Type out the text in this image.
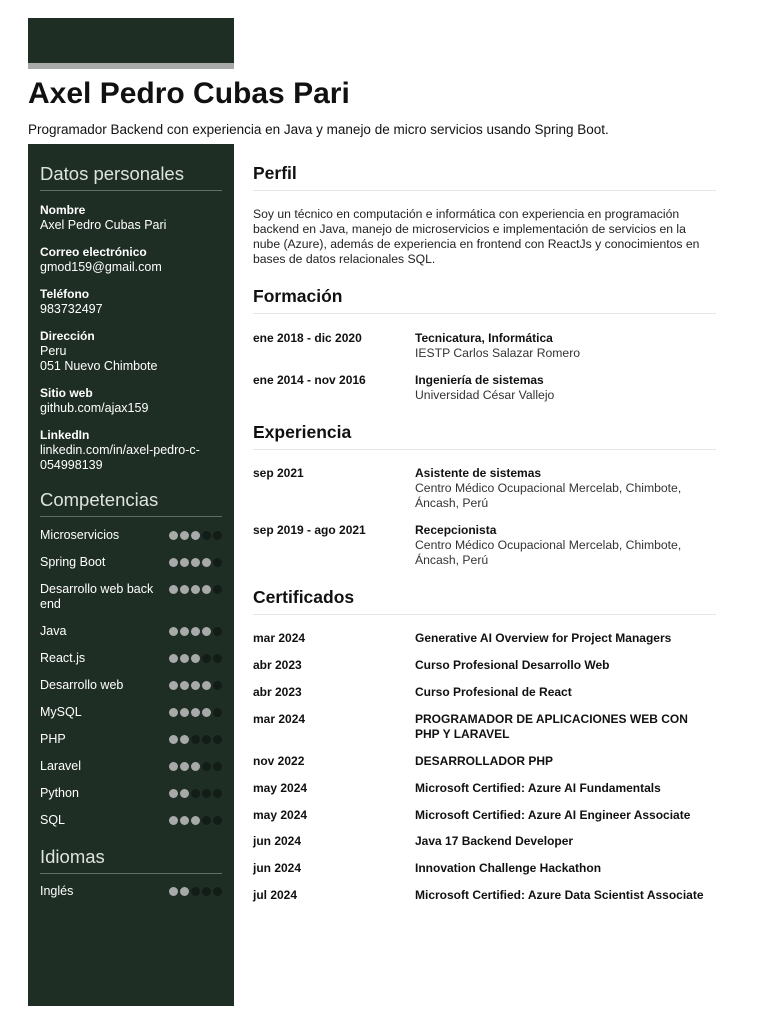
Axel Pedro Cubas Pari
Programador Backend con experiencia en Java y manejo de micro servicios usando Spring Boot.
Datos personales
Nombre
Axel Pedro Cubas Pari
Correo electrónico
gmod159@gmail.com
Teléfono
983732497
Dirección
Peru
051 Nuevo Chimbote
Sitio web
github.com/ajax159
LinkedIn
linkedin.com/in/axel-pedro-c-
054998139
Competencias
Microservicios
Spring Boot
Desarrollo web back end
Java
React.js
Desarrollo web
MySQL
PHP
Laravel
Python
SQL
Idiomas
Inglés
Perfil
Soy un técnico en computación e informática con experiencia en programación backend en Java, manejo de microservicios e implementación de servicios en la nube (Azure), además de experiencia en frontend con ReactJs y conocimientos en bases de datos relacionales SQL.
Formación
ene 2018 - dic 2020	Tecnicatura, Informática
IESTP Carlos Salazar Romero
ene 2014 - nov 2016	Ingeniería de sistemas
Universidad César Vallejo
Experiencia
sep 2021	Asistente de sistemas
Centro Médico Ocupacional Mercelab, Chimbote, Áncash, Perú
sep 2019 - ago 2021	Recepcionista
Centro Médico Ocupacional Mercelab, Chimbote, Áncash, Perú
Certificados
mar 2024	Generative AI Overview for Project Managers
abr 2023	Curso Profesional Desarrollo Web
abr 2023	Curso Profesional de React
mar 2024	PROGRAMADOR DE APLICACIONES WEB CON PHP Y LARAVEL
nov 2022	DESARROLLADOR PHP
may 2024	Microsoft Certified: Azure AI Fundamentals
may 2024	Microsoft Certified: Azure AI Engineer Associate
jun 2024	Java 17 Backend Developer
jun 2024	Innovation Challenge Hackathon
jul 2024	Microsoft Certified: Azure Data Scientist Associate
